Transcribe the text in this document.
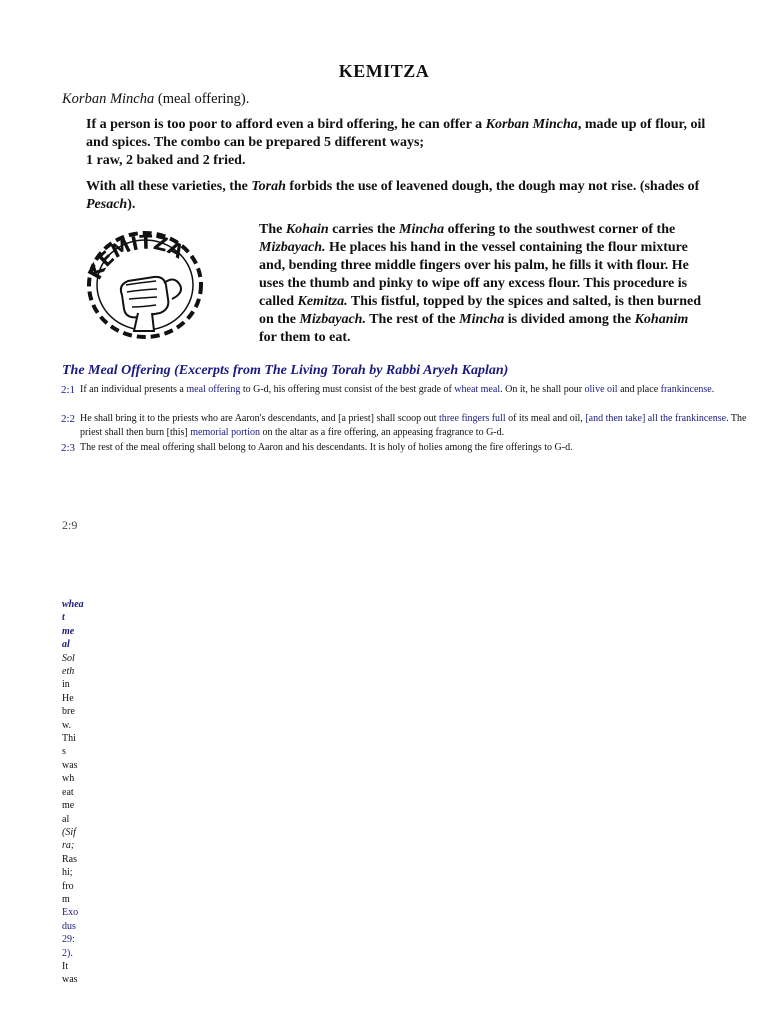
KEMITZA
Korban Mincha (meal offering).
If a person is too poor to afford even a bird offering, he can offer a Korban Mincha, made up of flour, oil and spices. The combo can be prepared 5 different ways;
1 raw, 2 baked and 2 fried.
With all these varieties, the Torah forbids the use of leavened dough, the dough may not rise. (shades of Pesach).
KEMITZA
The Kohain carries the Mincha offering to the southwest corner of the Mizbayach. He places his hand in the vessel containing the flour mixture and, bending three middle fingers over his palm, he fills it with flour. He uses the thumb and pinky to wipe off any excess flour. This procedure is called Kemitza. This fistful, topped by the spices and salted, is then burned on the Mizbayach. The rest of the Mincha is divided among the Kohanim for them to eat.
The Meal Offering (Excerpts from The Living Torah by Rabbi Aryeh Kaplan)
2:1 If an individual presents a meal offering to G-d, his offering must consist of the best grade of wheat meal. On it, he shall pour olive oil and place frankincense.
2:2 He shall bring it to the priests who are Aaron's descendants, and [a priest] shall scoop out three fingers full of its meal and oil, [and then take] all the frankincense. The priest shall then burn [this] memorial portion on the altar as a fire offering, an appeasing fragrance to G-d.
2:3 The rest of the meal offering shall belong to Aaron and his descendants. It is holy of holies among the fire offerings to G-d.
2:9
whea
t
me
al
Sol
eth
in
He
bre
w.
Thi
s
was
wh
eat
me
al
(Sif
ra;
Ras
hi;
fro
m
Exo
dus
29:
2).
It
was
